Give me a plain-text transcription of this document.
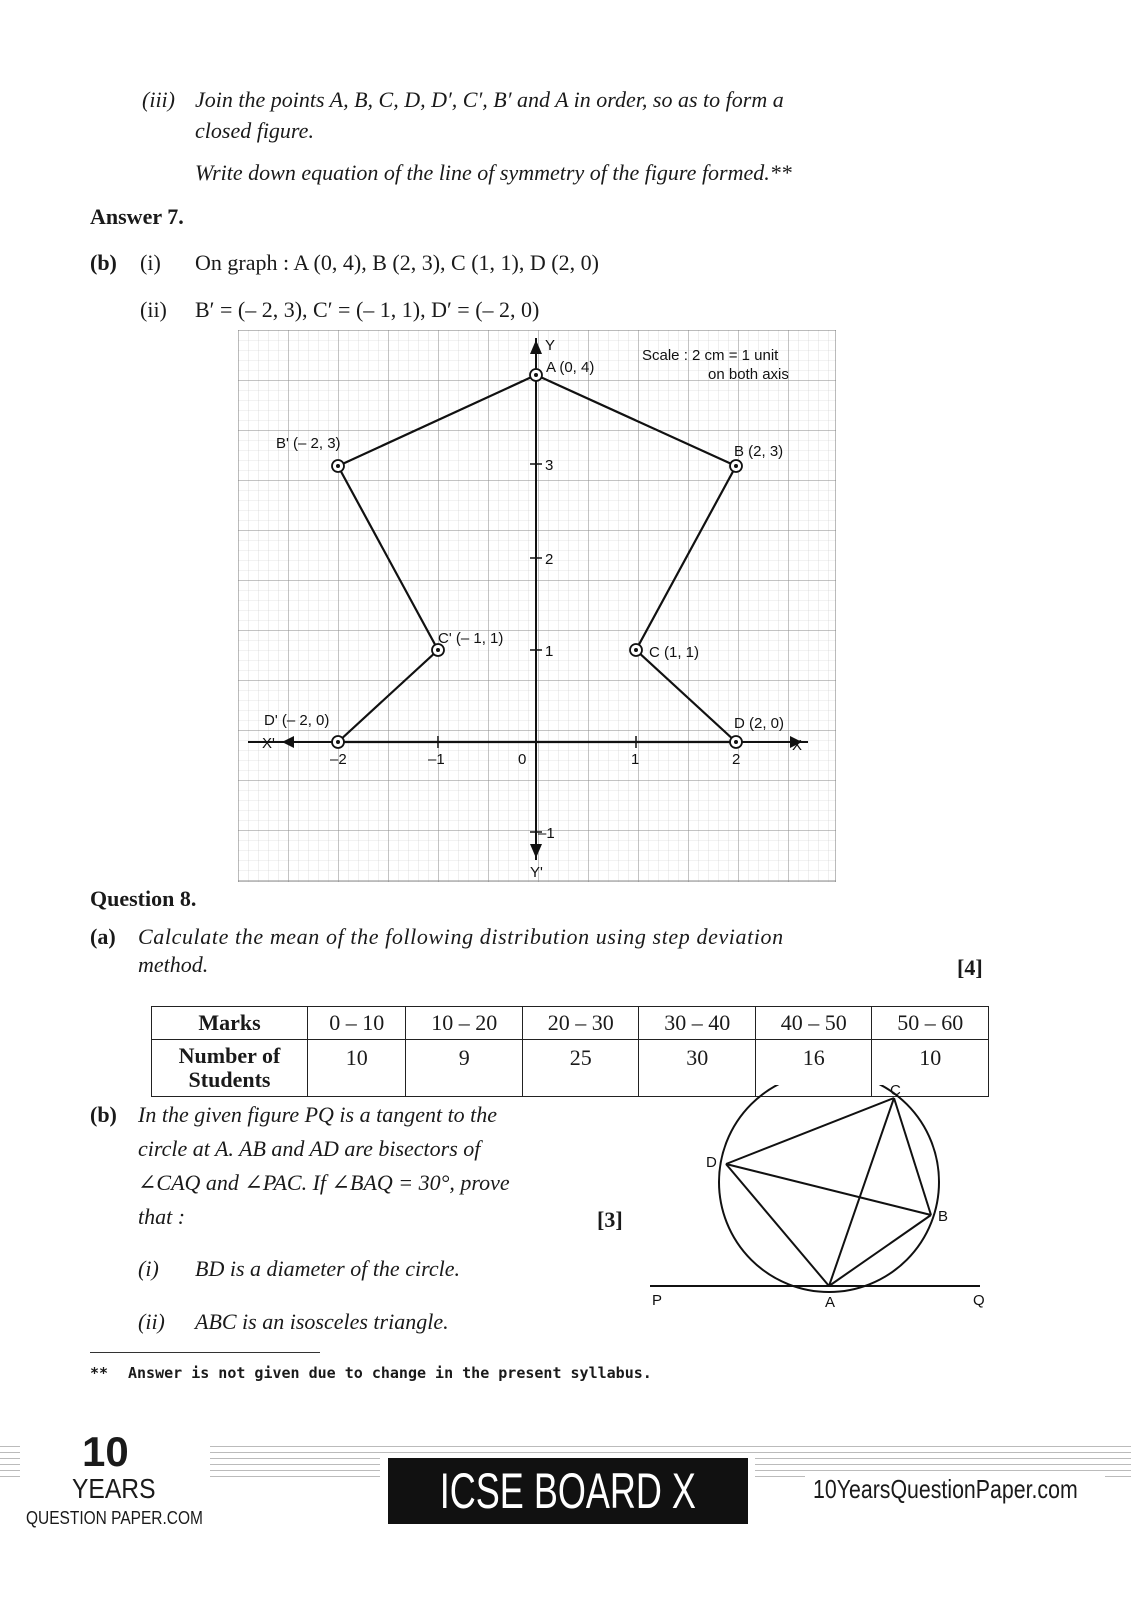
(iii) Join the points A, B, C, D, D′, C′, B′ and A in order, so as to form a
closed figure.
Write down equation of the line of symmetry of the figure formed.**
Answer 7.
(b) (i) On graph : A (0, 4), B (2, 3), C (1, 1), D (2, 0)
(ii) B′ = (– 2, 3), C′ = (– 1, 1), D′ = (– 2, 0)
Scale : 2 cm = 1 unit
on both axis
Y
Y'
X
X'
A (0, 4)
B (2, 3)
C (1, 1)
D (2, 0)
B' (– 2, 3)
C' (– 1, 1)
D' (– 2, 0)
–2	–1	0	1	2
3
2
1
–1
Question 8.
(a) Calculate the mean of the following distribution using step deviation
method.	[4]
Marks	0 – 10	10 – 20	20 – 30	30 – 40	40 – 50	50 – 60

Number of
Students	10	9	25	30	16	10
(b) In the given figure PQ is a tangent to the
circle at A. AB and AD are bisectors of
∠CAQ and ∠PAC. If ∠BAQ = 30°, prove
that :	[3]
(i) BD is a diameter of the circle.
(ii) ABC is an isosceles triangle.
C
D
B
P	A	Q
** Answer is not given due to change in the present syllabus.
10
YEARS
QUESTION PAPER.COM	ICSE BOARD X	10YearsQuestionPaper.com
